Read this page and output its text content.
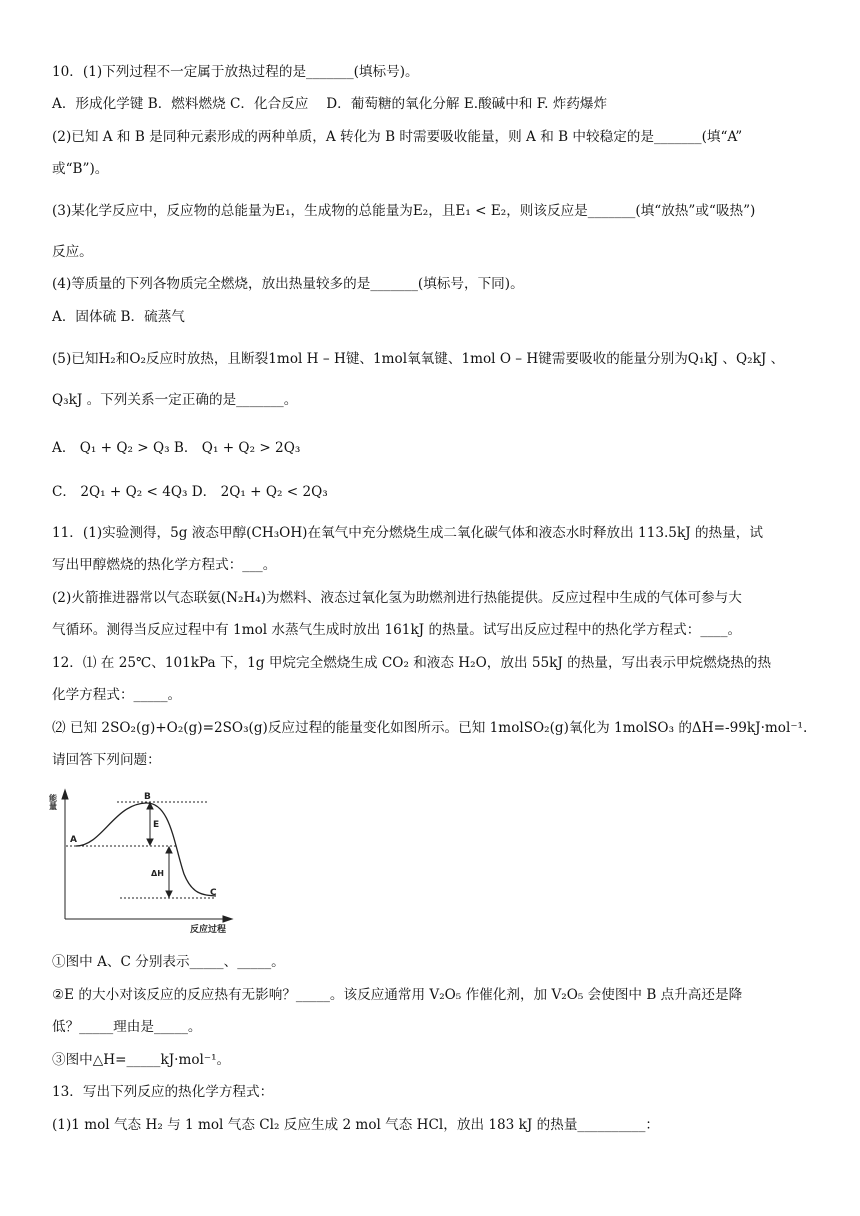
10．(1)下列过程不一定属于放热过程的是_______(填标号)。
A．形成化学键 B．燃料燃烧 C．化合反应　 D．葡萄糖的氧化分解 E.酸碱中和 F. 炸药爆炸
(2)已知 A 和 B 是同种元素形成的两种单质，A 转化为 B 时需要吸收能量，则 A 和 B 中较稳定的是_______(填“A”
或“B”)。
(3)某化学反应中，反应物的总能量为E₁，生成物的总能量为E₂，且E₁ < E₂，则该反应是_______(填“放热”或“吸热”)
反应。
(4)等质量的下列各物质完全燃烧，放出热量较多的是_______(填标号，下同)。
A．固体硫 B．硫蒸气
(5)已知H₂和O₂反应时放热，且断裂1mol H – H键、1mol氧氧键、1mol O – H键需要吸收的能量分别为Q₁kJ 、Q₂kJ 、
Q₃kJ 。下列关系一定正确的是_______。
A． Q₁ + Q₂ > Q₃ B． Q₁ + Q₂ > 2Q₃
C． 2Q₁ + Q₂ < 4Q₃ D． 2Q₁ + Q₂ < 2Q₃
11．(1)实验测得，5g 液态甲醇(CH₃OH)在氧气中充分燃烧生成二氧化碳气体和液态水时释放出 113.5kJ 的热量，试
写出甲醇燃烧的热化学方程式：___。
(2)火箭推进器常以气态联氨(N₂H₄)为燃料、液态过氧化氢为助燃剂进行热能提供。反应过程中生成的气体可参与大
气循环。测得当反应过程中有 1mol 水蒸气生成时放出 161kJ 的热量。试写出反应过程中的热化学方程式：____。
12．⑴ 在 25℃、101kPa 下，1g 甲烷完全燃烧生成 CO₂ 和液态 H₂O，放出 55kJ 的热量，写出表示甲烷燃烧热的热
化学方程式：_____。
⑵ 已知 2SO₂(g)+O₂(g)=2SO₃(g)反应过程的能量变化如图所示。已知 1molSO₂(g)氧化为 1molSO₃ 的ΔH=-99kJ·mol⁻¹.
请回答下列问题：
能量
A
B
C
E
ΔH
反应过程
①图中 A、C 分别表示_____、_____。
②E 的大小对该反应的反应热有无影响？_____。该反应通常用 V₂O₅ 作催化剂，加 V₂O₅ 会使图中 B 点升高还是降
低？_____理由是_____。
③图中△H=_____kJ·mol⁻¹。
13．写出下列反应的热化学方程式：
(1)1 mol 气态 H₂ 与 1 mol 气态 Cl₂ 反应生成 2 mol 气态 HCl，放出 183 kJ 的热量__________：
